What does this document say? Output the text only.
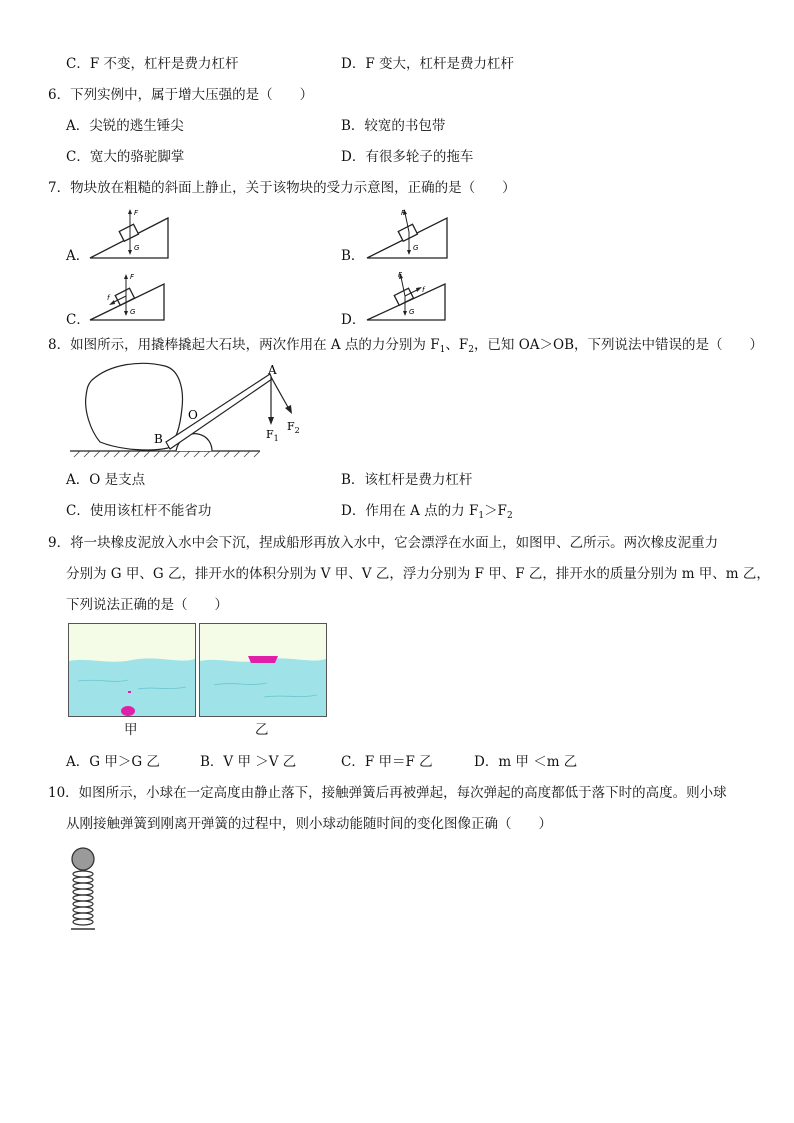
C．F 不变，杠杆是费力杠杆	D．F 变大，杠杆是费力杠杆
6．下列实例中，属于增大压强的是（　　）
A．尖锐的逃生锤尖	B．较宽的书包带
C．宽大的骆驼脚掌	D．有很多轮子的拖车
7．物块放在粗糙的斜面上静止，关于该物块的受力示意图，正确的是（　　）
A．
F
G	B．
F
G
C．
F
f
G	D．
F
f
G
8．如图所示，用撬棒撬起大石块，两次作用在 A 点的力分别为 $F_1$、$F_2$，已知 OA＞OB，下列说法中错误的是（　　）
A
O
B	$F_1$
$F_2$
A．O 是支点	B．该杠杆是费力杠杆
C．使用该杠杆不能省功	D．作用在 A 点的力 $F_1>F_2$
9．将一块橡皮泥放入水中会下沉，捏成船形再放入水中，它会漂浮在水面上，如图甲、乙所示。两次橡皮泥重力
分别为 G 甲、G 乙，排开水的体积分别为 V 甲、V 乙，浮力分别为 F 甲、F 乙，排开水的质量分别为 m 甲、m 乙，
下列说法正确的是（　　）
甲	乙
A．G 甲＞G 乙	B．V 甲 ＞V 乙	C．F 甲＝F 乙	D．m 甲 ＜m 乙
10．如图所示，小球在一定高度由静止落下，接触弹簧后再被弹起，每次弹起的高度都低于落下时的高度。则小球
从刚接触弹簧到刚离开弹簧的过程中，则小球动能随时间的变化图像正确（　　）
